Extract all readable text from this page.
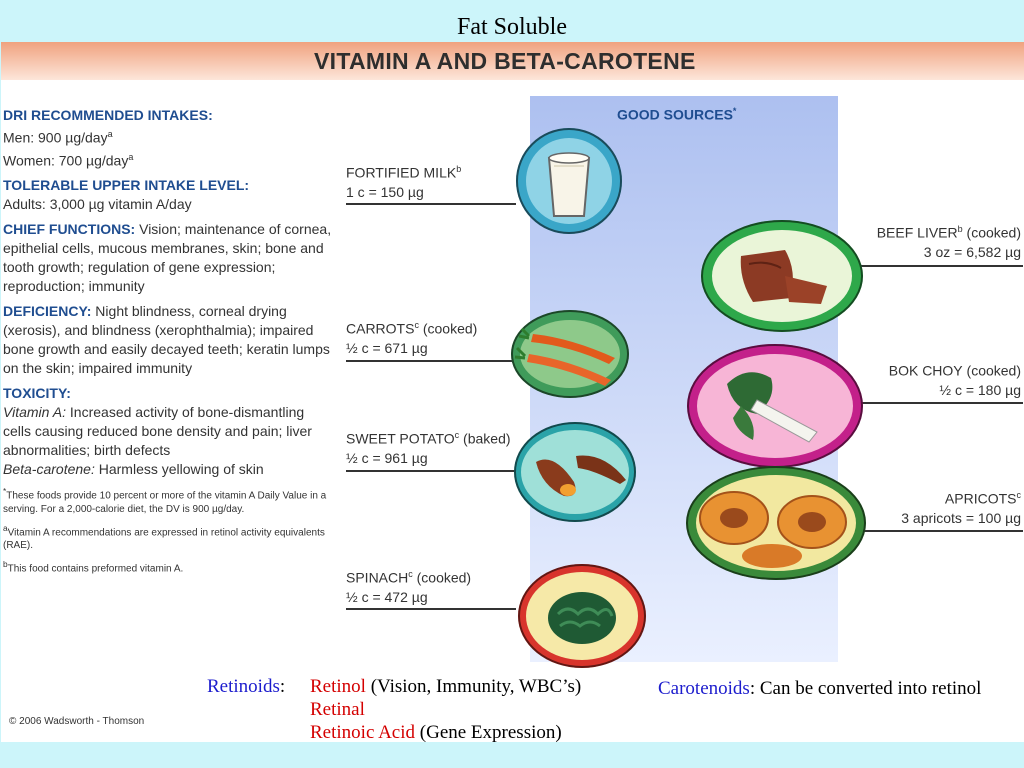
Fat Soluble
VITAMIN A AND BETA-CAROTENE
GOOD SOURCES*
DRI RECOMMENDED INTAKES:
Men: 900 µg/day$^a$
Women: 700 µg/day$^a$
TOLERABLE UPPER INTAKE LEVEL:
Adults: 3,000 µg vitamin A/day
CHIEF FUNCTIONS: Vision; maintenance of cornea, epithelial cells, mucous membranes, skin; bone and tooth growth; regulation of gene expression; reproduction; immunity
DEFICIENCY: Night blindness, corneal drying (xerosis), and blindness (xerophthalmia); impaired bone growth and easily decayed teeth; keratin lumps on the skin; impaired immunity
TOXICITY:
Vitamin A: Increased activity of bone-dismantling cells causing reduced bone density and pain; liver abnormalities; birth defects
Beta-carotene: Harmless yellowing of skin
*These foods provide 10 percent or more of the vitamin A Daily Value in a serving. For a 2,000-calorie diet, the DV is 900 µg/day.
$^a$Vitamin A recommendations are expressed in retinol activity equivalents (RAE).
$^b$This food contains preformed vitamin A.
© 2006 Wadsworth - Thomson
FORTIFIED MILK$^b$
1 c = 150 µg
CARROTS$^c$ (cooked)
½ c = 671 µg
SWEET POTATO$^c$ (baked)
½ c = 961 µg
SPINACH$^c$ (cooked)
½ c = 472 µg
BEEF LIVER$^b$ (cooked)
3 oz = 6,582 µg
BOK CHOY (cooked)
½ c = 180 µg
APRICOTS$^c$
3 apricots = 100 µg
Retinoids: Retinol (Vision, Immunity, WBC’s)
Retinal
Retinoic Acid (Gene Expression)
Carotenoids: Can be converted into retinol
